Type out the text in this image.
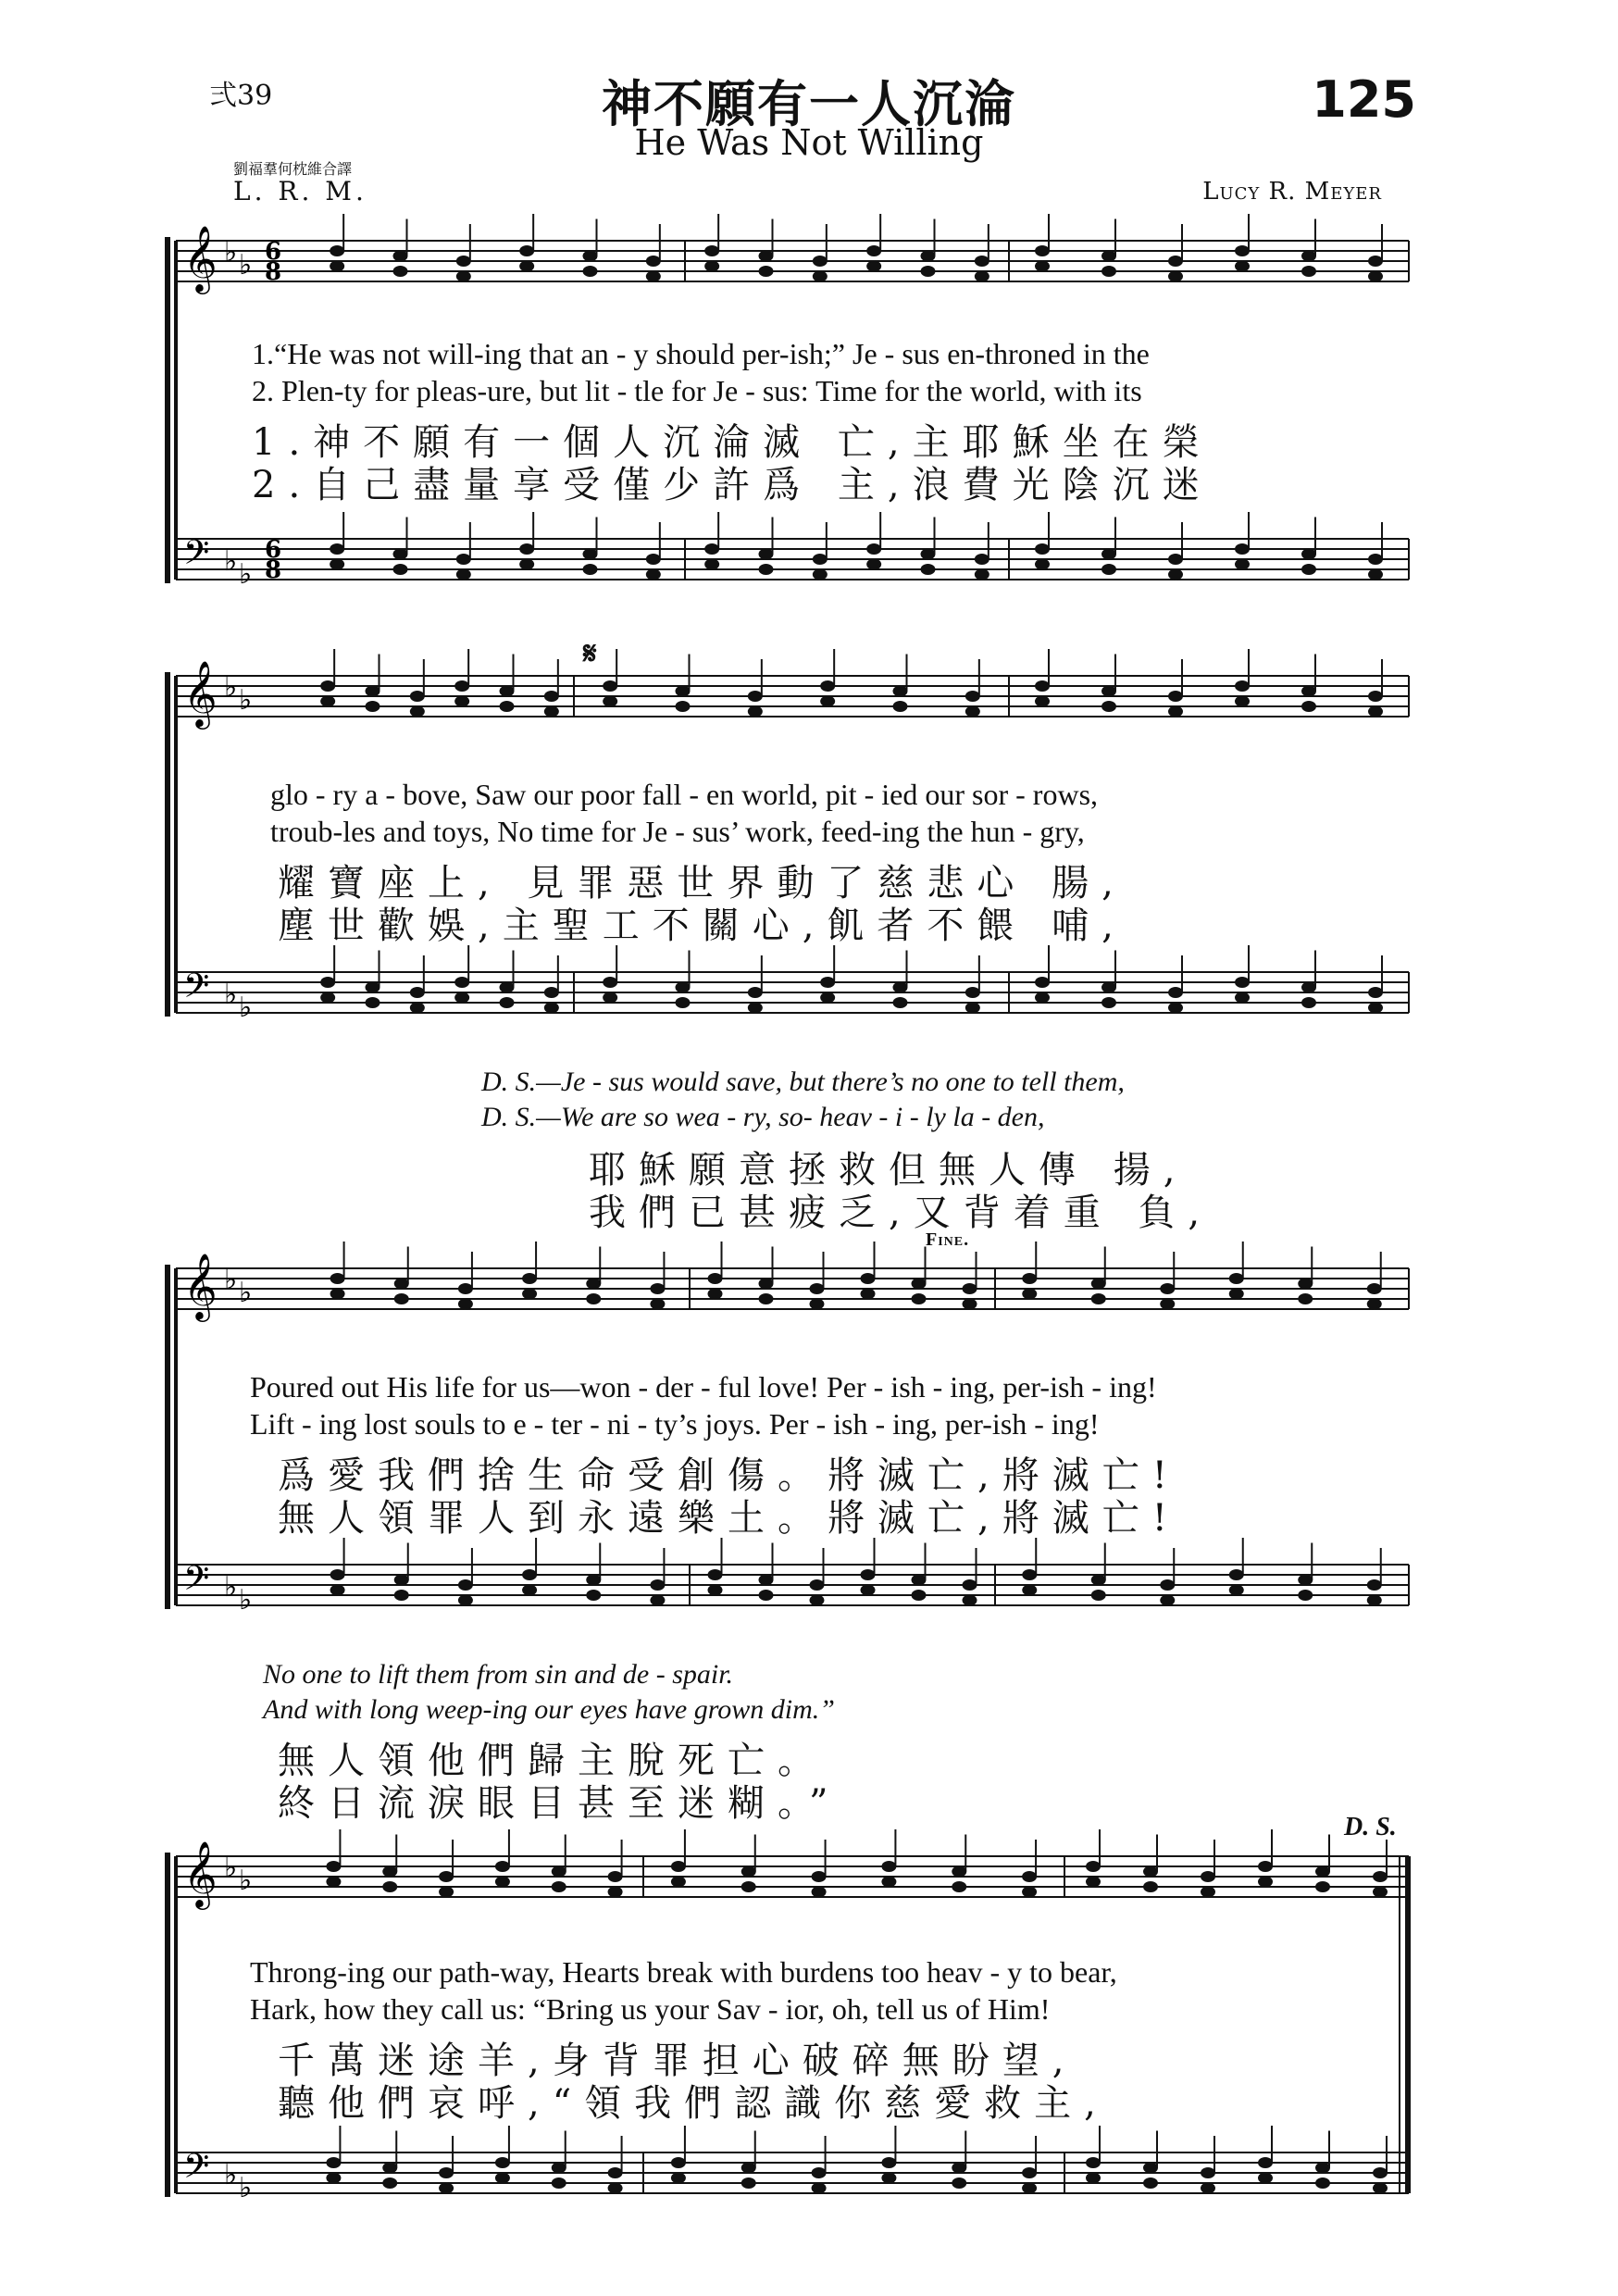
弍39	神不願有一人沉淪
He Was Not Willing
125
劉福羣何枕維合譯
L. R. M.	Lucy R. Meyer
𝄞
𝄢
♭
♭
♭
♭
6
6
8
8
𝄞
𝄢
♭
♭
♭
♭
𝄞
𝄢
♭
♭
♭
♭
𝄞
𝄢
♭
♭
♭
♭
𝄋
Fine.
D. S.
1.“He was not will-ing that an - y should per-ish;” Je - sus en-throned in the
2. Plen-ty for pleas-ure, but lit - tle for Je - sus: Time for the world, with its
1.神不願有一個人沉淪滅 亡,主耶穌坐在榮
2.自己盡量享受僅少許爲 主,浪費光陰沉迷
glo - ry a - bove, Saw our poor fall - en world, pit - ied our sor - rows,
troub-les and toys, No time for Je - sus’ work, feed-ing the hun - gry,
耀寶座上, 見罪惡世界動了慈悲心 腸,
塵世歡娛,主聖工不關心,飢者不餵 哺,
D. S.—Je - sus would save, but there’s no one to tell them,
D. S.—We are so wea - ry, so- heav - i - ly la - den,
耶穌願意拯救但無人傳 揚,
我們已甚疲乏,又背着重 負,
Poured out His life for us—won - der - ful love! Per - ish - ing, per-ish - ing!
Lift - ing lost souls to e - ter - ni - ty’s joys. Per - ish - ing, per-ish - ing!
爲愛我們捨生命受創傷。將滅亡,將滅亡!
無人領罪人到永遠樂土。將滅亡,將滅亡!
No one to lift them from sin and de - spair.
And with long weep-ing our eyes have grown dim.”
無人領他們歸主脫死亡。
終日流淚眼目甚至迷糊。”
Throng-ing our path-way, Hearts break with burdens too heav - y to bear,
Hark, how they call us: “Bring us your Sav - ior, oh, tell us of Him!
千萬迷途羊,身背罪担心破碎無盼望,
聽他們哀呼,“領我們認識你慈愛救主,
